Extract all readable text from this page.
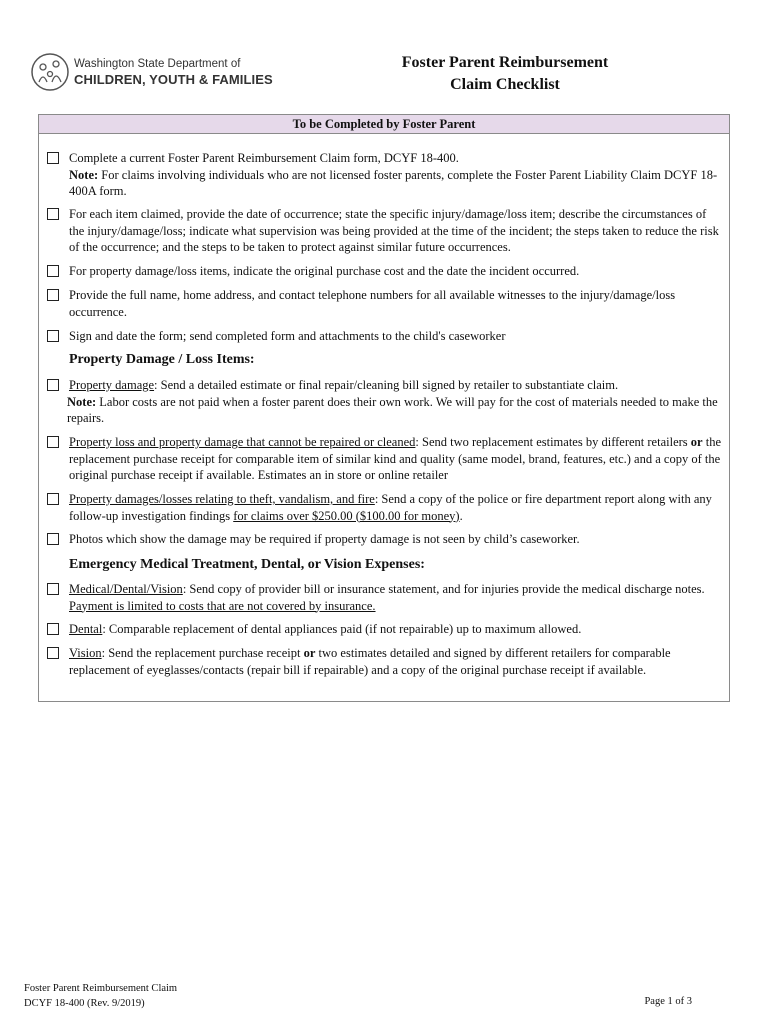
Washington State Department of
CHILDREN, YOUTH & FAMILIES
Foster Parent Reimbursement
Claim Checklist
To be Completed by Foster Parent
Complete a current Foster Parent Reimbursement Claim form, DCYF 18-400.
Note: For claims involving individuals who are not licensed foster parents, complete the Foster Parent Liability Claim DCYF 18-400A form.
For each item claimed, provide the date of occurrence; state the specific injury/damage/loss item; describe the circumstances of the injury/damage/loss; indicate what supervision was being provided at the time of the incident; the steps taken to reduce the risk of the occurrence; and the steps to be taken to protect against similar future occurrences.
For property damage/loss items, indicate the original purchase cost and the date the incident occurred.
Provide the full name, home address, and contact telephone numbers for all available witnesses to the injury/damage/loss occurrence.
Sign and date the form; send completed form and attachments to the child's caseworker
Property Damage / Loss Items:
Property damage: Send a detailed estimate or final repair/cleaning bill signed by retailer to substantiate claim.
Note: Labor costs are not paid when a foster parent does their own work. We will pay for the cost of materials needed to make the repairs.
Property loss and property damage that cannot be repaired or cleaned: Send two replacement estimates by different retailers or the replacement purchase receipt for comparable item of similar kind and quality (same model, brand, features, etc.) and a copy of the original purchase receipt if available. Estimates an in store or online retailer
Property damages/losses relating to theft, vandalism, and fire: Send a copy of the police or fire department report along with any follow-up investigation findings for claims over $250.00 ($100.00 for money).
Photos which show the damage may be required if property damage is not seen by child’s caseworker.
Emergency Medical Treatment, Dental, or Vision Expenses:
Medical/Dental/Vision: Send copy of provider bill or insurance statement, and for injuries provide the medical discharge notes. Payment is limited to costs that are not covered by insurance.
Dental: Comparable replacement of dental appliances paid (if not repairable) up to maximum allowed.
Vision: Send the replacement purchase receipt or two estimates detailed and signed by different retailers for comparable replacement of eyeglasses/contacts (repair bill if repairable) and a copy of the original purchase receipt if available.
Foster Parent Reimbursement Claim
DCYF 18-400 (Rev. 9/2019)	Page 1 of 3
